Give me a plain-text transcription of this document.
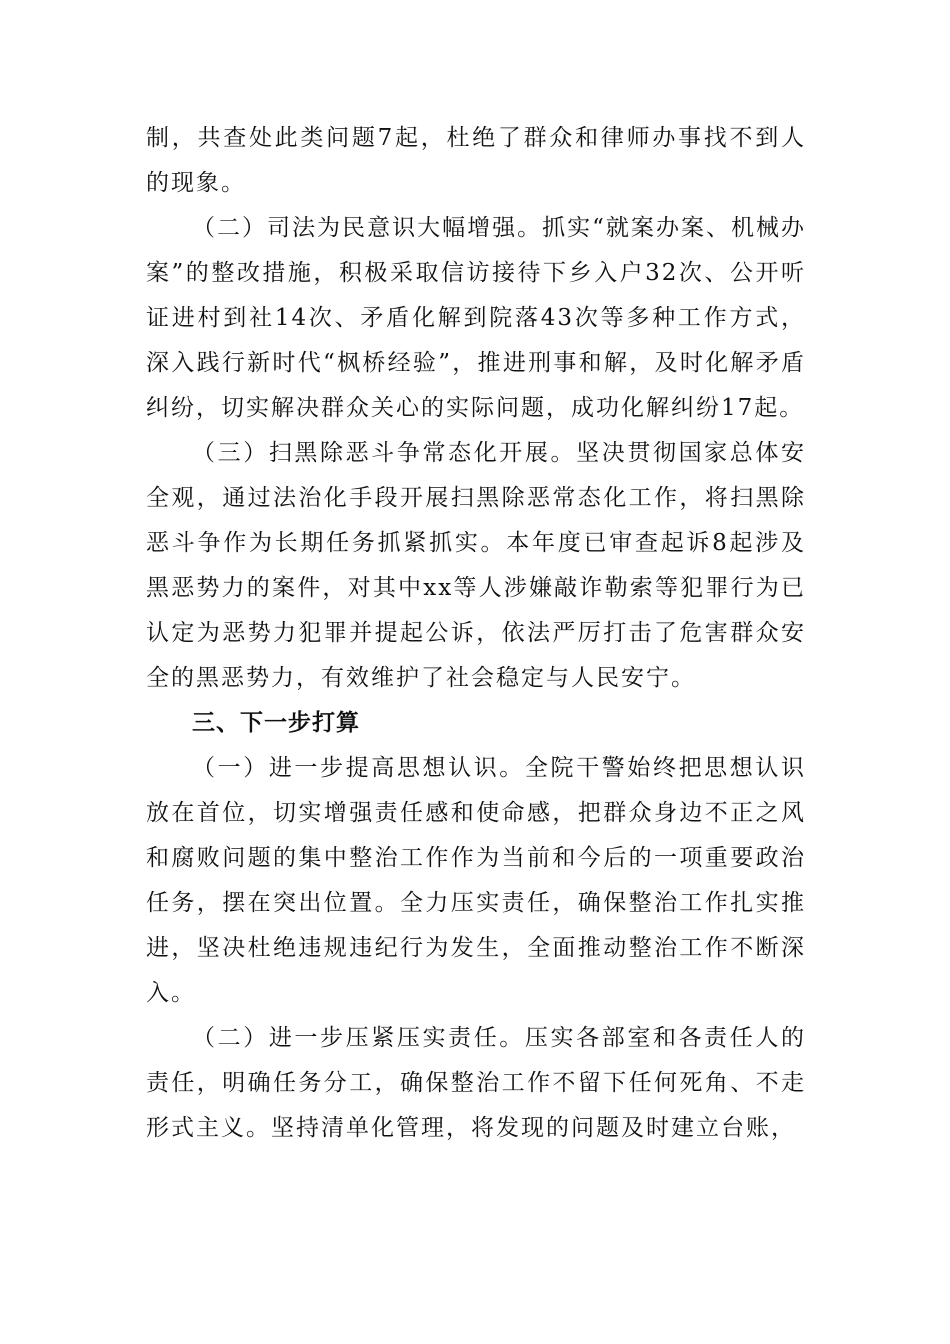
制，共查处此类问题7起，杜绝了群众和律师办事找不到人的现象。

（二）司法为民意识大幅增强。抓实“就案办案、机械办案”的整改措施，积极采取信访接待下乡入户32次、公开听证进村到社14次、矛盾化解到院落43次等多种工作方式，深入践行新时代“枫桥经验”，推进刑事和解，及时化解矛盾纠纷，切实解决群众关心的实际问题，成功化解纠纷17起。

（三）扫黑除恶斗争常态化开展。坚决贯彻国家总体安全观，通过法治化手段开展扫黑除恶常态化工作，将扫黑除恶斗争作为长期任务抓紧抓实。本年度已审查起诉8起涉及黑恶势力的案件，对其中xx等人涉嫌敲诈勒索等犯罪行为已认定为恶势力犯罪并提起公诉，依法严厉打击了危害群众安全的黑恶势力，有效维护了社会稳定与人民安宁。

三、下一步打算

（一）进一步提高思想认识。全院干警始终把思想认识放在首位，切实增强责任感和使命感，把群众身边不正之风和腐败问题的集中整治工作作为当前和今后的一项重要政治任务，摆在突出位置。全力压实责任，确保整治工作扎实推进，坚决杜绝违规违纪行为发生，全面推动整治工作不断深入。

（二）进一步压紧压实责任。压实各部室和各责任人的责任，明确任务分工，确保整治工作不留下任何死角、不走形式主义。坚持清单化管理，将发现的问题及时建立台账，
